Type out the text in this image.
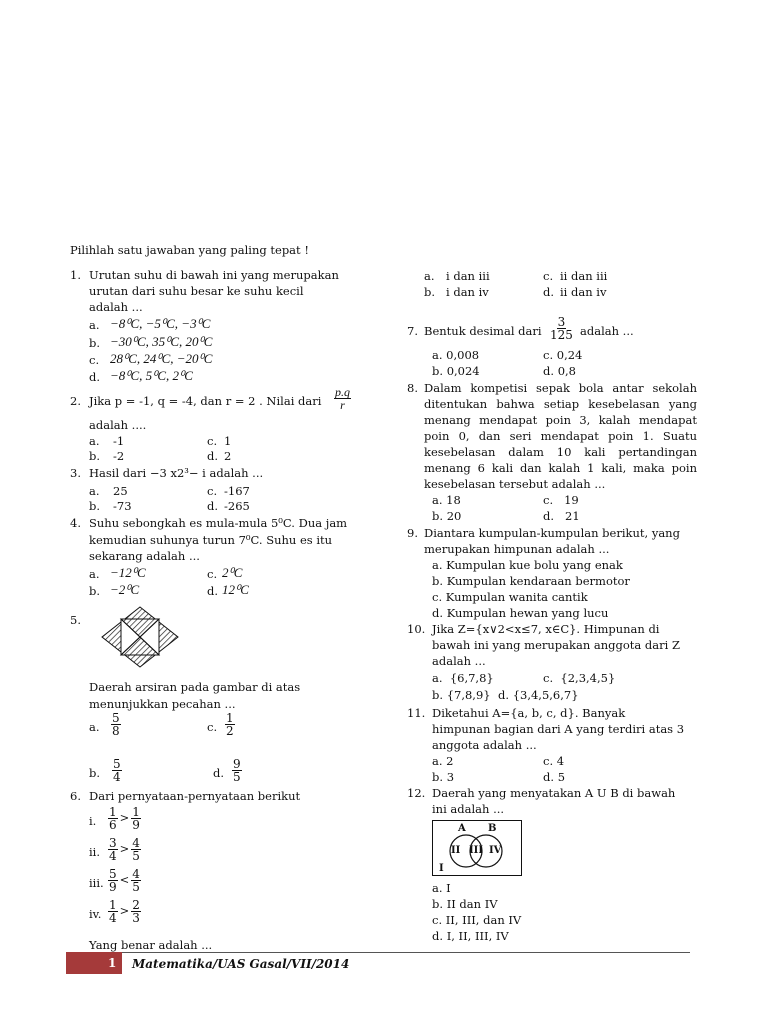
Pilihlah satu jawaban yang paling tepat !
1. Urutan suhu di bawah ini yang merupakan
urutan dari suhu besar ke suhu kecil
adalah ...
a. −8⁰C, −5⁰C, −3⁰C
b. −30⁰C, 35⁰C, 20⁰C
c. 28⁰C, 24⁰C, −20⁰C
d. −8⁰C, 5⁰C, 2⁰C
2. Jika p = -1, q = -4, dan r = 2 . Nilai dari $\frac{p.q}{r}$
adalah ....
a. -1	c. 1
b. -2	d. 2
3. Hasil dari −3 x2³− i adalah ...
a. 25	c. -167
b. -73	d. -265
4. Suhu sebongkah es mula-mula 5⁰C. Dua jam
kemudian suhunya turun 7⁰C. Suhu es itu
sekarang adalah ...
a. −12⁰C	c. 2⁰C
b. −2⁰C	d. 12⁰C
5.
Daerah arsiran pada gambar di atas
menunjukkan pecahan ...
a. $\frac{5}{8}$	c. $\frac{1}{2}$
b. $\frac{5}{4}$	d. $\frac{9}{5}$
6. Dari pernyataan-pernyataan berikut
i. $\frac{1}{6} > \frac{1}{9}$
ii. $\frac{3}{4} > \frac{4}{5}$
iii. $\frac{5}{9} < \frac{4}{5}$
iv. $\frac{1}{4} > \frac{2}{3}$
Yang benar adalah ...
a. i dan iii	c. ii dan iii
b. i dan iv	d. ii dan iv
7. Bentuk desimal dari $\frac{3}{125}$ adalah ...
a. 0,008	c. 0,24
b. 0,024	d. 0,8
8. Dalam kompetisi sepak bola antar sekolah
ditentukan bahwa setiap kesebelasan yang
menang mendapat poin 3, kalah mendapat
poin 0, dan seri mendapat poin 1. Suatu
kesebelasan dalam 10 kali pertandingan
menang 6 kali dan kalah 1 kali, maka poin
kesebelasan tersebut adalah ...
a. 18	c. 19
b. 20	d. 21
9. Diantara kumpulan-kumpulan berikut, yang
merupakan himpunan adalah ...
a. Kumpulan kue bolu yang enak
b. Kumpulan kendaraan bermotor
c. Kumpulan wanita cantik
d. Kumpulan hewan yang lucu
10. Jika Z={x∨2<x≤7, x∈C}. Himpunan di
bawah ini yang merupakan anggota dari Z
adalah ...
a. {6,7,8}	c. {2,3,4,5}
b. {7,8,9} d. {3,4,5,6,7}
11. Diketahui A={a, b, c, d}. Banyak
himpunan bagian dari A yang terdiri atas 3
anggota adalah ...
a. 2	c. 4
b. 3	d. 5
12. Daerah yang menyatakan A U B di bawah
ini adalah ...
A B
II III IV
I
a. I
b. II dan IV
c. II, III, dan IV
d. I, II, III, IV
1 Matematika/UAS Gasal/VII/2014
